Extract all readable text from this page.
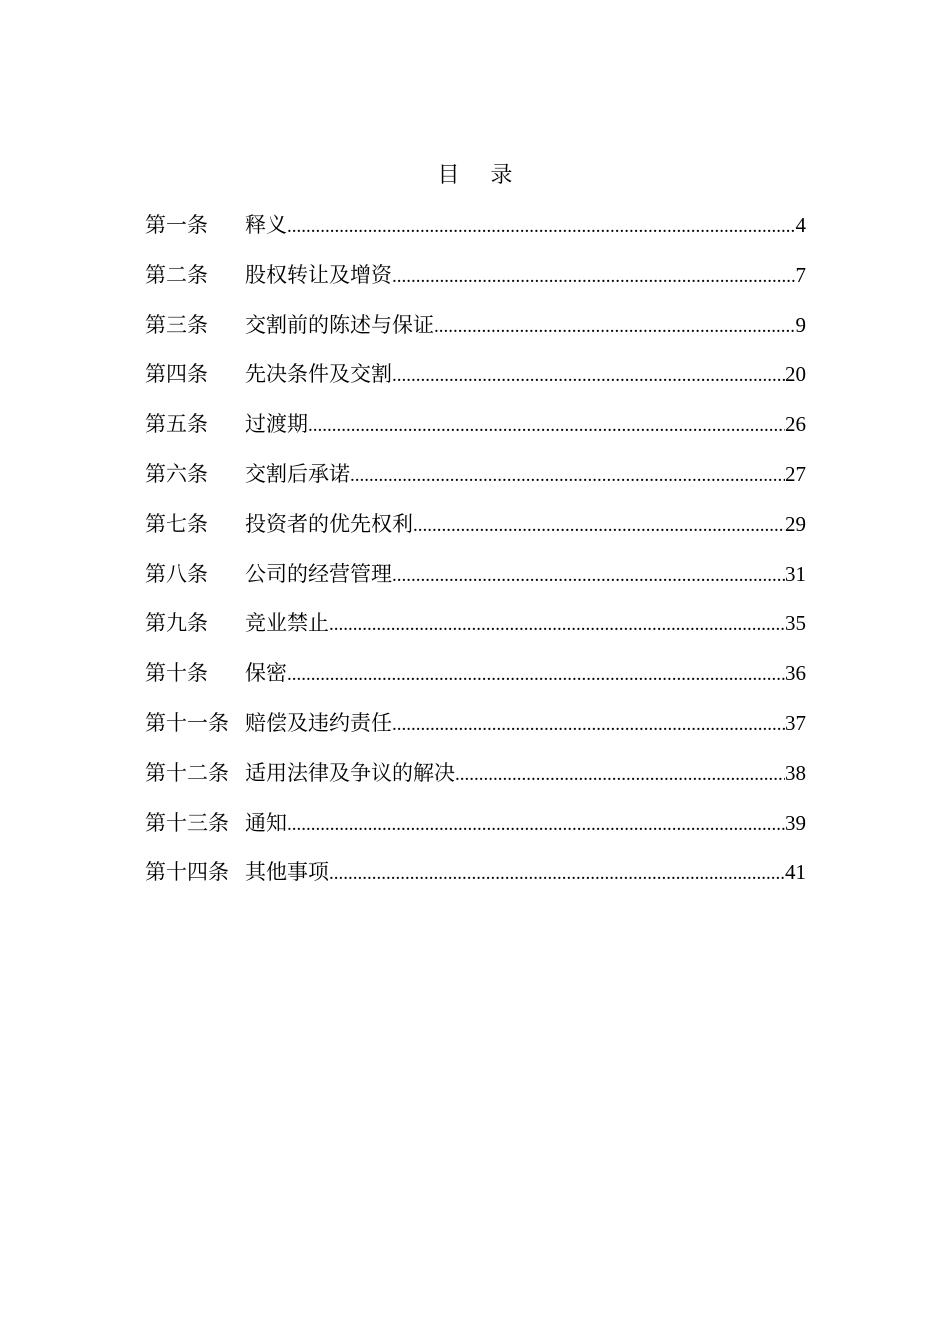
目 录
第一条	释义 .....	4
第二条	股权转让及增资 .....	7
第三条	交割前的陈述与保证 .....	9
第四条	先决条件及交割 .....	20
第五条	过渡期 .....	26
第六条	交割后承诺 .....	27
第七条	投资者的优先权利 .....	29
第八条	公司的经营管理 .....	31
第九条	竞业禁止 .....	35
第十条	保密 .....	36
第十一条 赔偿及违约责任 .....	37
第十二条 适用法律及争议的解决 .....	38
第十三条 通知 .....	39
第十四条 其他事项 .....	41
